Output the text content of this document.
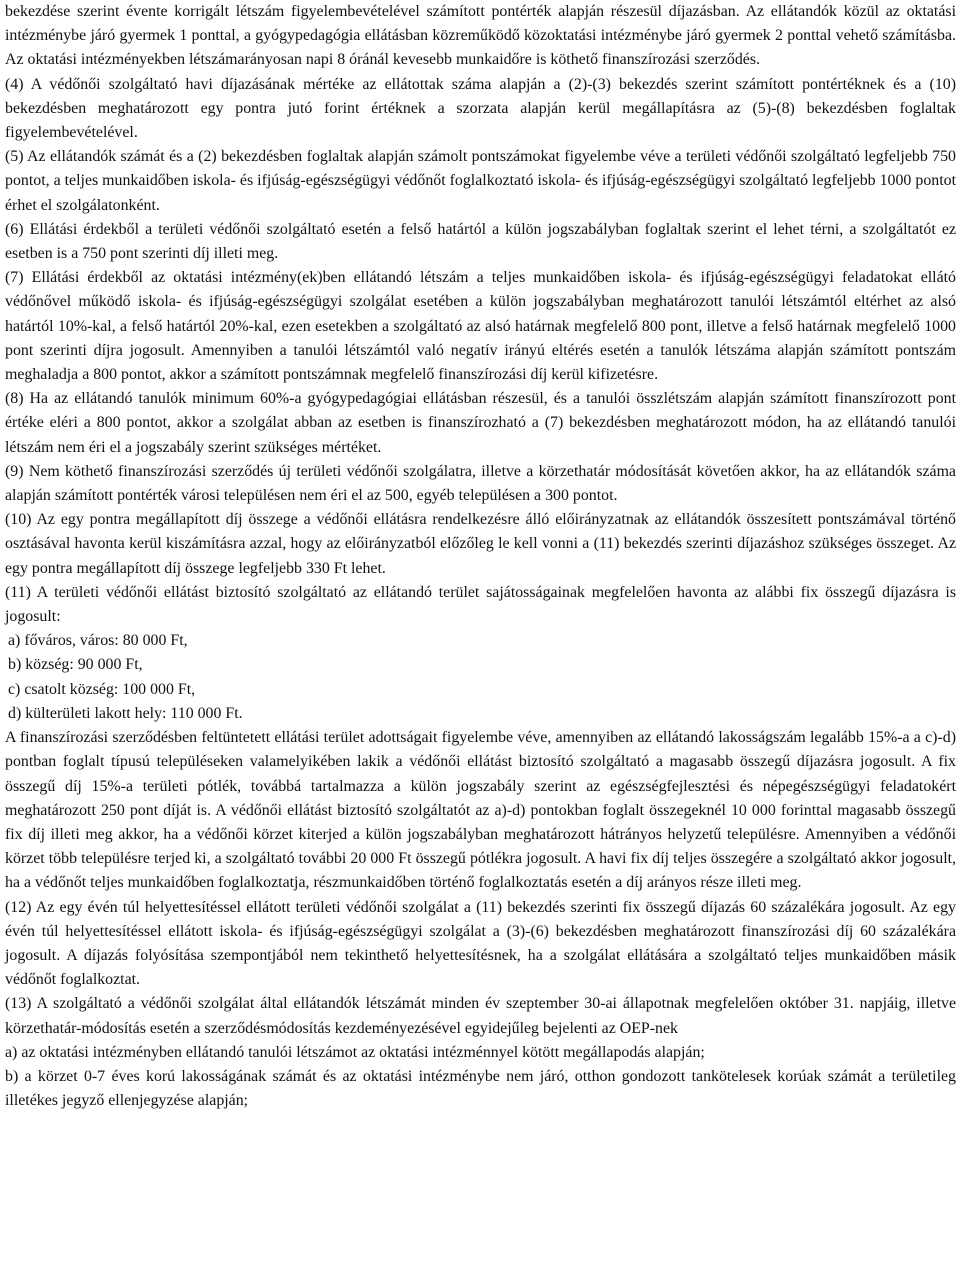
bekezdése szerint évente korrigált létszám figyelembevételével számított pontérték alapján részesül díjazásban. Az ellátandók közül az oktatási intézménybe járó gyermek 1 ponttal, a gyógypedagógia ellátásban közreműködő közoktatási intézménybe járó gyermek 2 ponttal vehető számításba. Az oktatási intézményekben létszámarányosan napi 8 óránál kevesebb munkaidőre is köthető finanszírozási szerződés.

(4) A védőnői szolgáltató havi díjazásának mértéke az ellátottak száma alapján a (2)-(3) bekezdés szerint számított pontértéknek és a (10) bekezdésben meghatározott egy pontra jutó forint értéknek a szorzata alapján kerül megállapításra az (5)-(8) bekezdésben foglaltak figyelembevételével.

(5) Az ellátandók számát és a (2) bekezdésben foglaltak alapján számolt pontszámokat figyelembe véve a területi védőnői szolgáltató legfeljebb 750 pontot, a teljes munkaidőben iskola- és ifjúság-egészségügyi védőnőt foglalkoztató iskola- és ifjúság-egészségügyi szolgáltató legfeljebb 1000 pontot érhet el szolgálatonként.

(6) Ellátási érdekből a területi védőnői szolgáltató esetén a felső határtól a külön jogszabályban foglaltak szerint el lehet térni, a szolgáltatót ez esetben is a 750 pont szerinti díj illeti meg.

(7) Ellátási érdekből az oktatási intézmény(ek)ben ellátandó létszám a teljes munkaidőben iskola- és ifjúság-egészségügyi feladatokat ellátó védőnővel működő iskola- és ifjúság-egészségügyi szolgálat esetében a külön jogszabályban meghatározott tanulói létszámtól eltérhet az alsó határtól 10%-kal, a felső határtól 20%-kal, ezen esetekben a szolgáltató az alsó határnak megfelelő 800 pont, illetve a felső határnak megfelelő 1000 pont szerinti díjra jogosult. Amennyiben a tanulói létszámtól való negatív irányú eltérés esetén a tanulók létszáma alapján számított pontszám meghaladja a 800 pontot, akkor a számított pontszámnak megfelelő finanszírozási díj kerül kifizetésre.

(8) Ha az ellátandó tanulók minimum 60%-a gyógypedagógiai ellátásban részesül, és a tanulói összlétszám alapján számított finanszírozott pont értéke eléri a 800 pontot, akkor a szolgálat abban az esetben is finanszírozható a (7) bekezdésben meghatározott módon, ha az ellátandó tanulói létszám nem éri el a jogszabály szerint szükséges mértéket.

(9) Nem köthető finanszírozási szerződés új területi védőnői szolgálatra, illetve a körzethatár módosítását követően akkor, ha az ellátandók száma alapján számított pontérték városi településen nem éri el az 500, egyéb településen a 300 pontot.

(10) Az egy pontra megállapított díj összege a védőnői ellátásra rendelkezésre álló előirányzatnak az ellátandók összesített pontszámával történő osztásával havonta kerül kiszámításra azzal, hogy az előirányzatból előzőleg le kell vonni a (11) bekezdés szerinti díjazáshoz szükséges összeget. Az egy pontra megállapított díj összege legfeljebb 330 Ft lehet.

(11) A területi védőnői ellátást biztosító szolgáltató az ellátandó terület sajátosságainak megfelelően havonta az alábbi fix összegű díjazásra is jogosult:

a) főváros, város: 80 000 Ft,
b) község: 90 000 Ft,
c) csatolt község: 100 000 Ft,
d) külterületi lakott hely: 110 000 Ft.

A finanszírozási szerződésben feltüntetett ellátási terület adottságait figyelembe véve, amennyiben az ellátandó lakosságszám legalább 15%-a a c)-d) pontban foglalt típusú településeken valamelyikében lakik a védőnői ellátást biztosító szolgáltató a magasabb összegű díjazásra jogosult. A fix összegű díj 15%-a területi pótlék, továbbá tartalmazza a külön jogszabály szerint az egészségfejlesztési és népegészségügyi feladatokért meghatározott 250 pont díját is. A védőnői ellátást biztosító szolgáltatót az a)-d) pontokban foglalt összegeknél 10 000 forinttal magasabb összegű fix díj illeti meg akkor, ha a védőnői körzet kiterjed a külön jogszabályban meghatározott hátrányos helyzetű településre. Amennyiben a védőnői körzet több településre terjed ki, a szolgáltató további 20 000 Ft összegű pótlékra jogosult. A havi fix díj teljes összegére a szolgáltató akkor jogosult, ha a védőnőt teljes munkaidőben foglalkoztatja, részmunkaidőben történő foglalkoztatás esetén a díj arányos része illeti meg.

(12) Az egy évén túl helyettesítéssel ellátott területi védőnői szolgálat a (11) bekezdés szerinti fix összegű díjazás 60 százalékára jogosult. Az egy évén túl helyettesítéssel ellátott iskola- és ifjúság-egészségügyi szolgálat a (3)-(6) bekezdésben meghatározott finanszírozási díj 60 százalékára jogosult. A díjazás folyósítása szempontjából nem tekinthető helyettesítésnek, ha a szolgálat ellátására a szolgáltató teljes munkaidőben másik védőnőt foglalkoztat.

(13) A szolgáltató a védőnői szolgálat által ellátandók létszámát minden év szeptember 30-ai állapotnak megfelelően október 31. napjáig, illetve körzethatár-módosítás esetén a szerződésmódosítás kezdeményezésével egyidejűleg bejelenti az OEP-nek

a) az oktatási intézményben ellátandó tanulói létszámot az oktatási intézménnyel kötött megállapodás alapján;

b) a körzet 0-7 éves korú lakosságának számát és az oktatási intézménybe nem járó, otthon gondozott tankötelesek korúak számát a területileg illetékes jegyző ellenjegyzése alapján;
